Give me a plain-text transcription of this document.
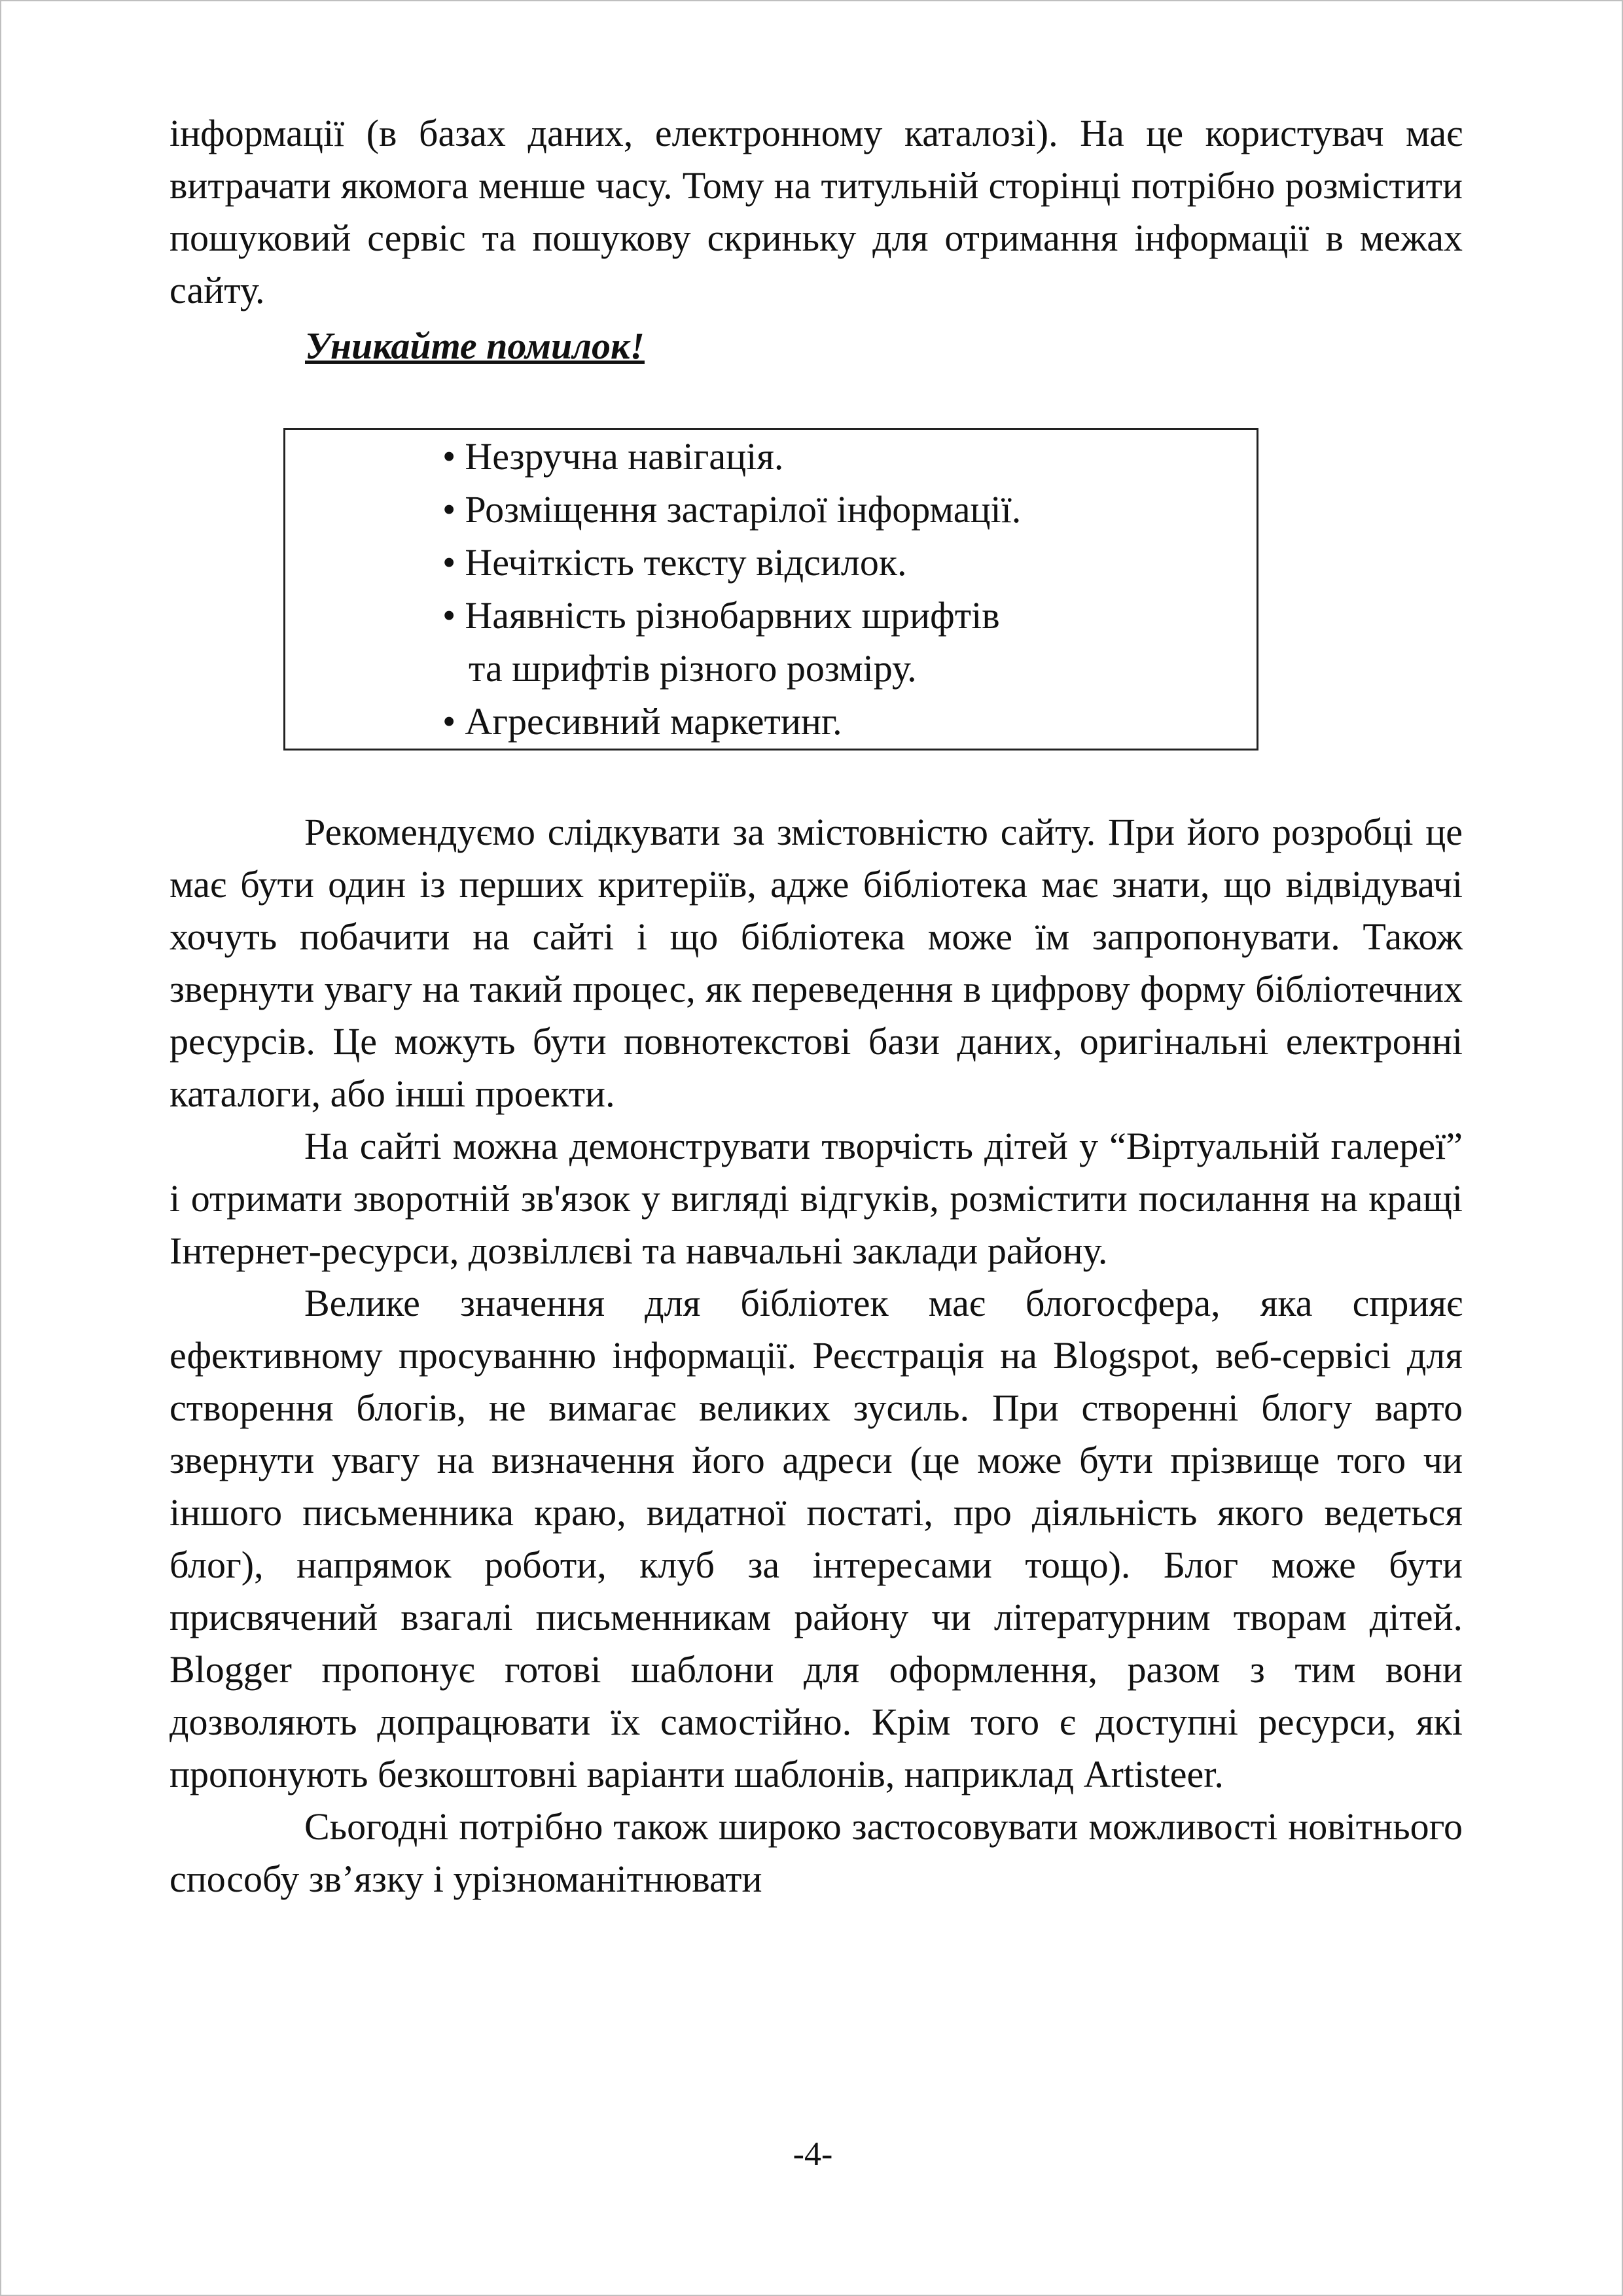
інформації (в базах даних, електронному каталозі). На це користувач має витрачати якомога менше часу. Тому на титульній сторінці потрібно розмістити пошуковий сервіс та пошукову скриньку для отримання інформації в межах сайту.

Уникайте помилок!
• Незручна навігація.
• Розміщення застарілої інформації.
• Нечіткість тексту відсилок.
• Наявність різнобарвних шрифтів
та шрифтів різного розміру.
• Агресивний маркетинг.

Рекомендуємо слідкувати за змістовністю сайту. При його розробці це має бути один із перших критеріїв, адже бібліотека має знати, що відвідувачі хочуть побачити на сайті і що бібліотека може їм запропонувати. Також звернути увагу на такий процес, як переведення в цифрову форму бібліотечних ресурсів. Це можуть бути повнотекстові бази даних, оригінальні електронні каталоги, або інші проекти.

На сайті можна демонструвати творчість дітей у “Віртуальній галереї” і отримати зворотній зв'язок у вигляді відгуків, розмістити посилання на кращі Інтернет-ресурси, дозвіллєві та навчальні заклади району.

Велике значення для бібліотек має блогосфера, яка сприяє ефективному просуванню інформації. Реєстрація на Blogspot, веб-сервісі для створення блогів, не вимагає великих зусиль. При створенні блогу варто звернути увагу на визначення його адреси (це може бути прізвище того чи іншого письменника краю, видатної постаті, про діяльність якого ведеться блог), напрямок роботи, клуб за інтересами тощо). Блог може бути присвячений взагалі письменникам району чи літературним творам дітей. Blogger пропонує готові шаблони для оформлення, разом з тим вони дозволяють допрацювати їх самостійно. Крім того є доступні ресурси, які пропонують безкоштовні варіанти шаблонів, наприклад Artisteer.

Сьогодні потрібно також широко застосовувати можливості новітнього способу зв’язку і урізноманітнювати

-4-
